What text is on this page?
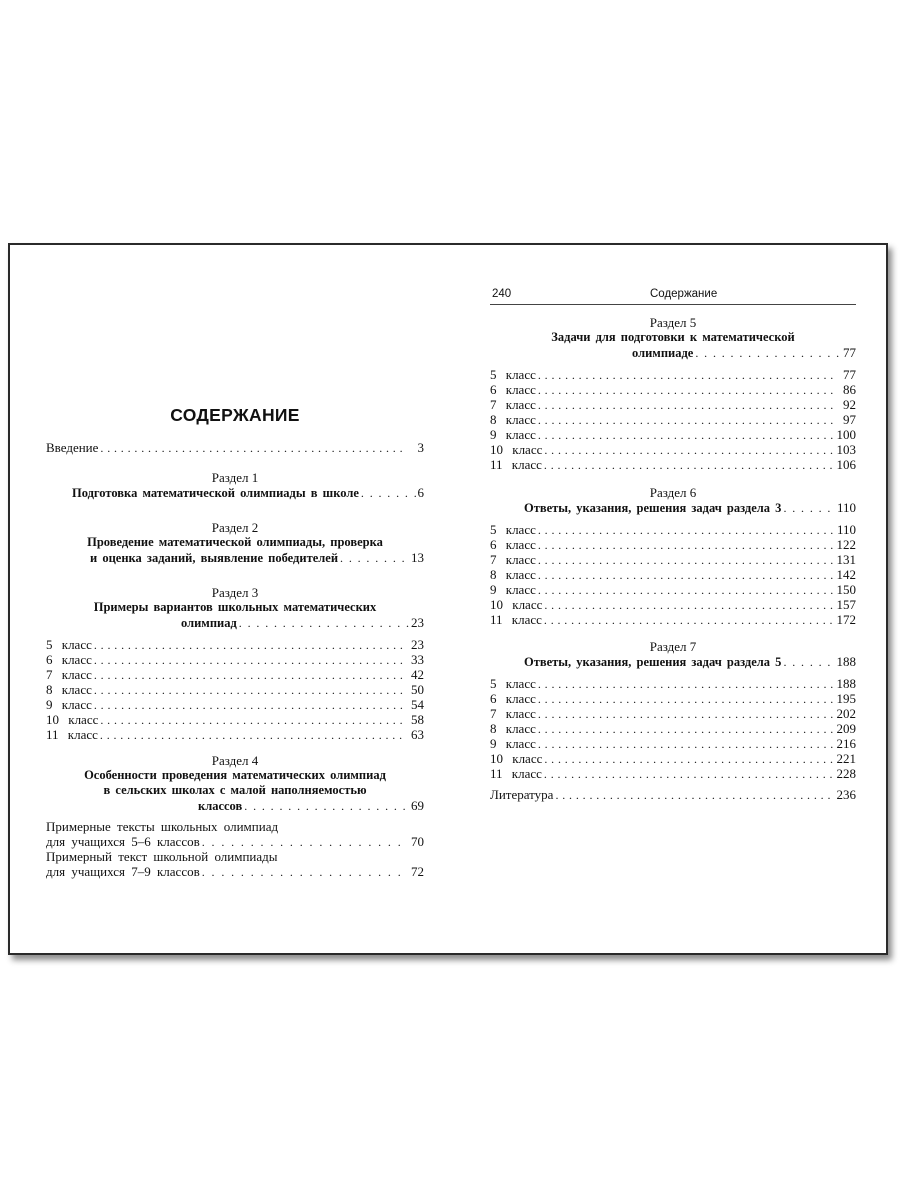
СОДЕРЖАНИЕ
Введение . . .	3
Раздел 1
Подготовка математической олимпиады в школе . . .	6
Раздел 2
Проведение математической олимпиады, проверка
и оценка заданий, выявление победителей . . .	13
Раздел 3
Примеры вариантов школьных математических
олимпиад . . .	23
5 класс . . .	23
6 класс . . .	33
7 класс . . .	42
8 класс . . .	50
9 класс . . .	54
10 класс . . .	58
11 класс . . .	63
Раздел 4
Особенности проведения математических олимпиад
в сельских школах с малой наполняемостью
классов . . .	69
Примерные тексты школьных олимпиад
для учащихся 5–6 классов . . .	70
Примерный текст школьной олимпиады
для учащихся 7–9 классов . . .	72
240	Содержание
Раздел 5
Задачи для подготовки к математической
олимпиаде . . .	77
5 класс . . .	77
6 класс . . .	86
7 класс . . .	92
8 класс . . .	97
9 класс . . .	100
10 класс . . .	103
11 класс . . .	106
Раздел 6
Ответы, указания, решения задач раздела 3 . . .	110
5 класс . . .	110
6 класс . . .	122
7 класс . . .	131
8 класс . . .	142
9 класс . . .	150
10 класс . . .	157
11 класс . . .	172
Раздел 7
Ответы, указания, решения задач раздела 5 . . .	188
5 класс . . .	188
6 класс . . .	195
7 класс . . .	202
8 класс . . .	209
9 класс . . .	216
10 класс . . .	221
11 класс . . .	228
Литература . . .	236
